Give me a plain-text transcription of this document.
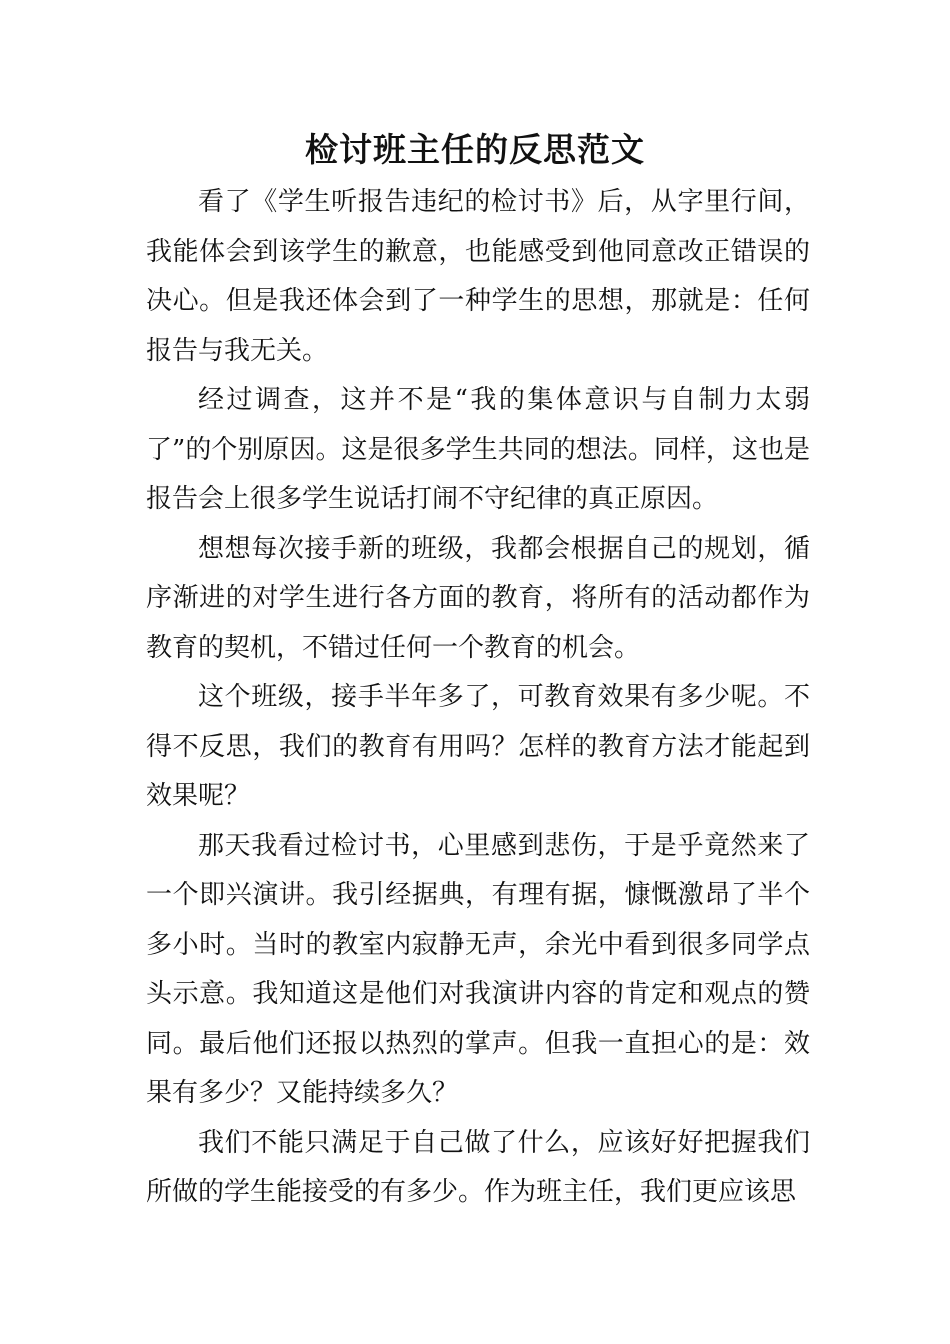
检讨班主任的反思范文

看了《学生听报告违纪的检讨书》后，从字里行间，我能体会到该学生的歉意，也能感受到他同意改正错误的决心。但是我还体会到了一种学生的思想，那就是：任何报告与我无关。

经过调查，这并不是“我的集体意识与自制力太弱了”的个别原因。这是很多学生共同的想法。同样，这也是报告会上很多学生说话打闹不守纪律的真正原因。

想想每次接手新的班级，我都会根据自己的规划，循序渐进的对学生进行各方面的教育，将所有的活动都作为教育的契机，不错过任何一个教育的机会。

这个班级，接手半年多了，可教育效果有多少呢。不得不反思，我们的教育有用吗？怎样的教育方法才能起到效果呢？

那天我看过检讨书，心里感到悲伤，于是乎竟然来了一个即兴演讲。我引经据典，有理有据，慷慨激昂了半个多小时。当时的教室内寂静无声，余光中看到很多同学点头示意。我知道这是他们对我演讲内容的肯定和观点的赞同。最后他们还报以热烈的掌声。但我一直担心的是：效果有多少？又能持续多久？

我们不能只满足于自己做了什么，应该好好把握我们所做的学生能接受的有多少。作为班主任，我们更应该思
